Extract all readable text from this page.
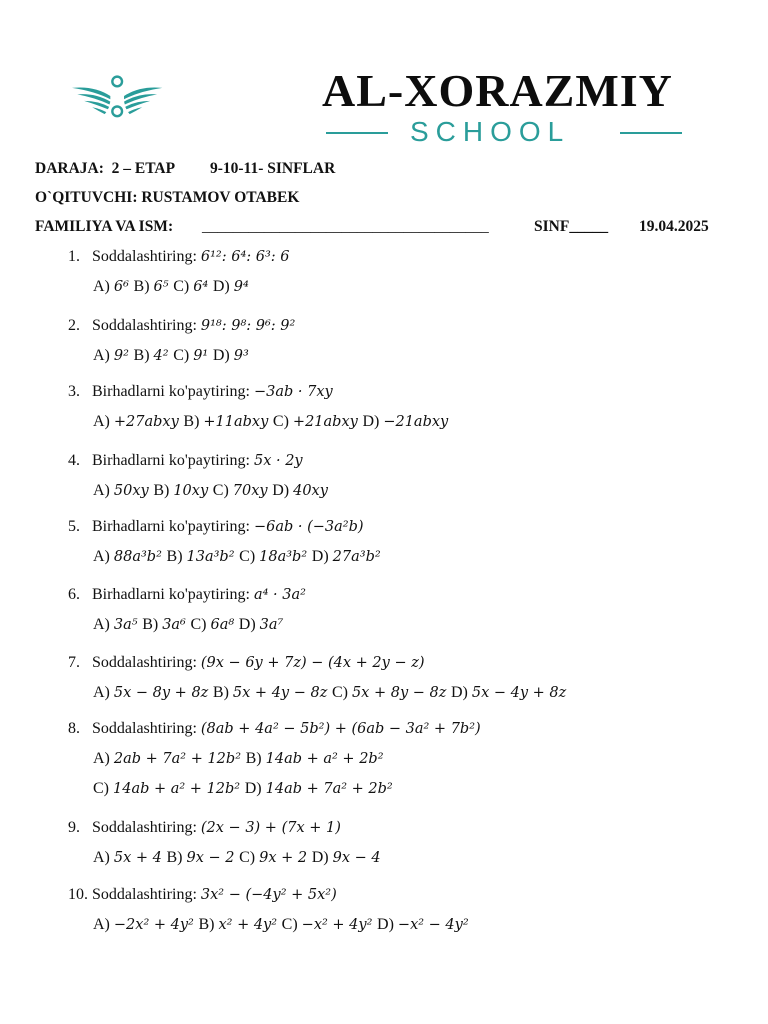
AL-XORAZMIY
SCHOOL
DARAJA: 2 – ETAP 9-10-11- SINFLAR
O`QITUVCHI: RUSTAMOV OTABEK
FAMILIYA VA ISM: _____________________________________	SINF_____ 19.04.2025
1. Soddalashtiring: 6¹²: 6⁴: 6³: 6
A) 6⁶ B) 6⁵ C) 6⁴ D) 9⁴
2. Soddalashtiring: 9¹⁸: 9⁸: 9⁶: 9²
A) 9² B) 4² C) 9¹ D) 9³
3. Birhadlarni ko'paytiring: −3ab · 7xy
A) +27abxy B) +11abxy C) +21abxy D) −21abxy
4. Birhadlarni ko'paytiring: 5x · 2y
A) 50xy B) 10xy C) 70xy D) 40xy
5. Birhadlarni ko'paytiring: −6ab · (−3a²b)
A) 88a³b² B) 13a³b² C) 18a³b² D) 27a³b²
6. Birhadlarni ko'paytiring: a⁴ · 3a²
A) 3a⁵ B) 3a⁶ C) 6a⁸ D) 3a⁷
7. Soddalashtiring: (9x − 6y + 7z) − (4x + 2y − z)
A) 5x − 8y + 8z B) 5x + 4y − 8z C) 5x + 8y − 8z D) 5x − 4y + 8z
8. Soddalashtiring: (8ab + 4a² − 5b²) + (6ab − 3a² + 7b²)
A) 2ab + 7a² + 12b² B) 14ab + a² + 2b²
C) 14ab + a² + 12b² D) 14ab + 7a² + 2b²
9. Soddalashtiring: (2x − 3) + (7x + 1)
A) 5x + 4 B) 9x − 2 C) 9x + 2 D) 9x − 4
10. Soddalashtiring: 3x² − (−4y² + 5x²)
A) −2x² + 4y² B) x² + 4y² C) −x² + 4y² D) −x² − 4y²
